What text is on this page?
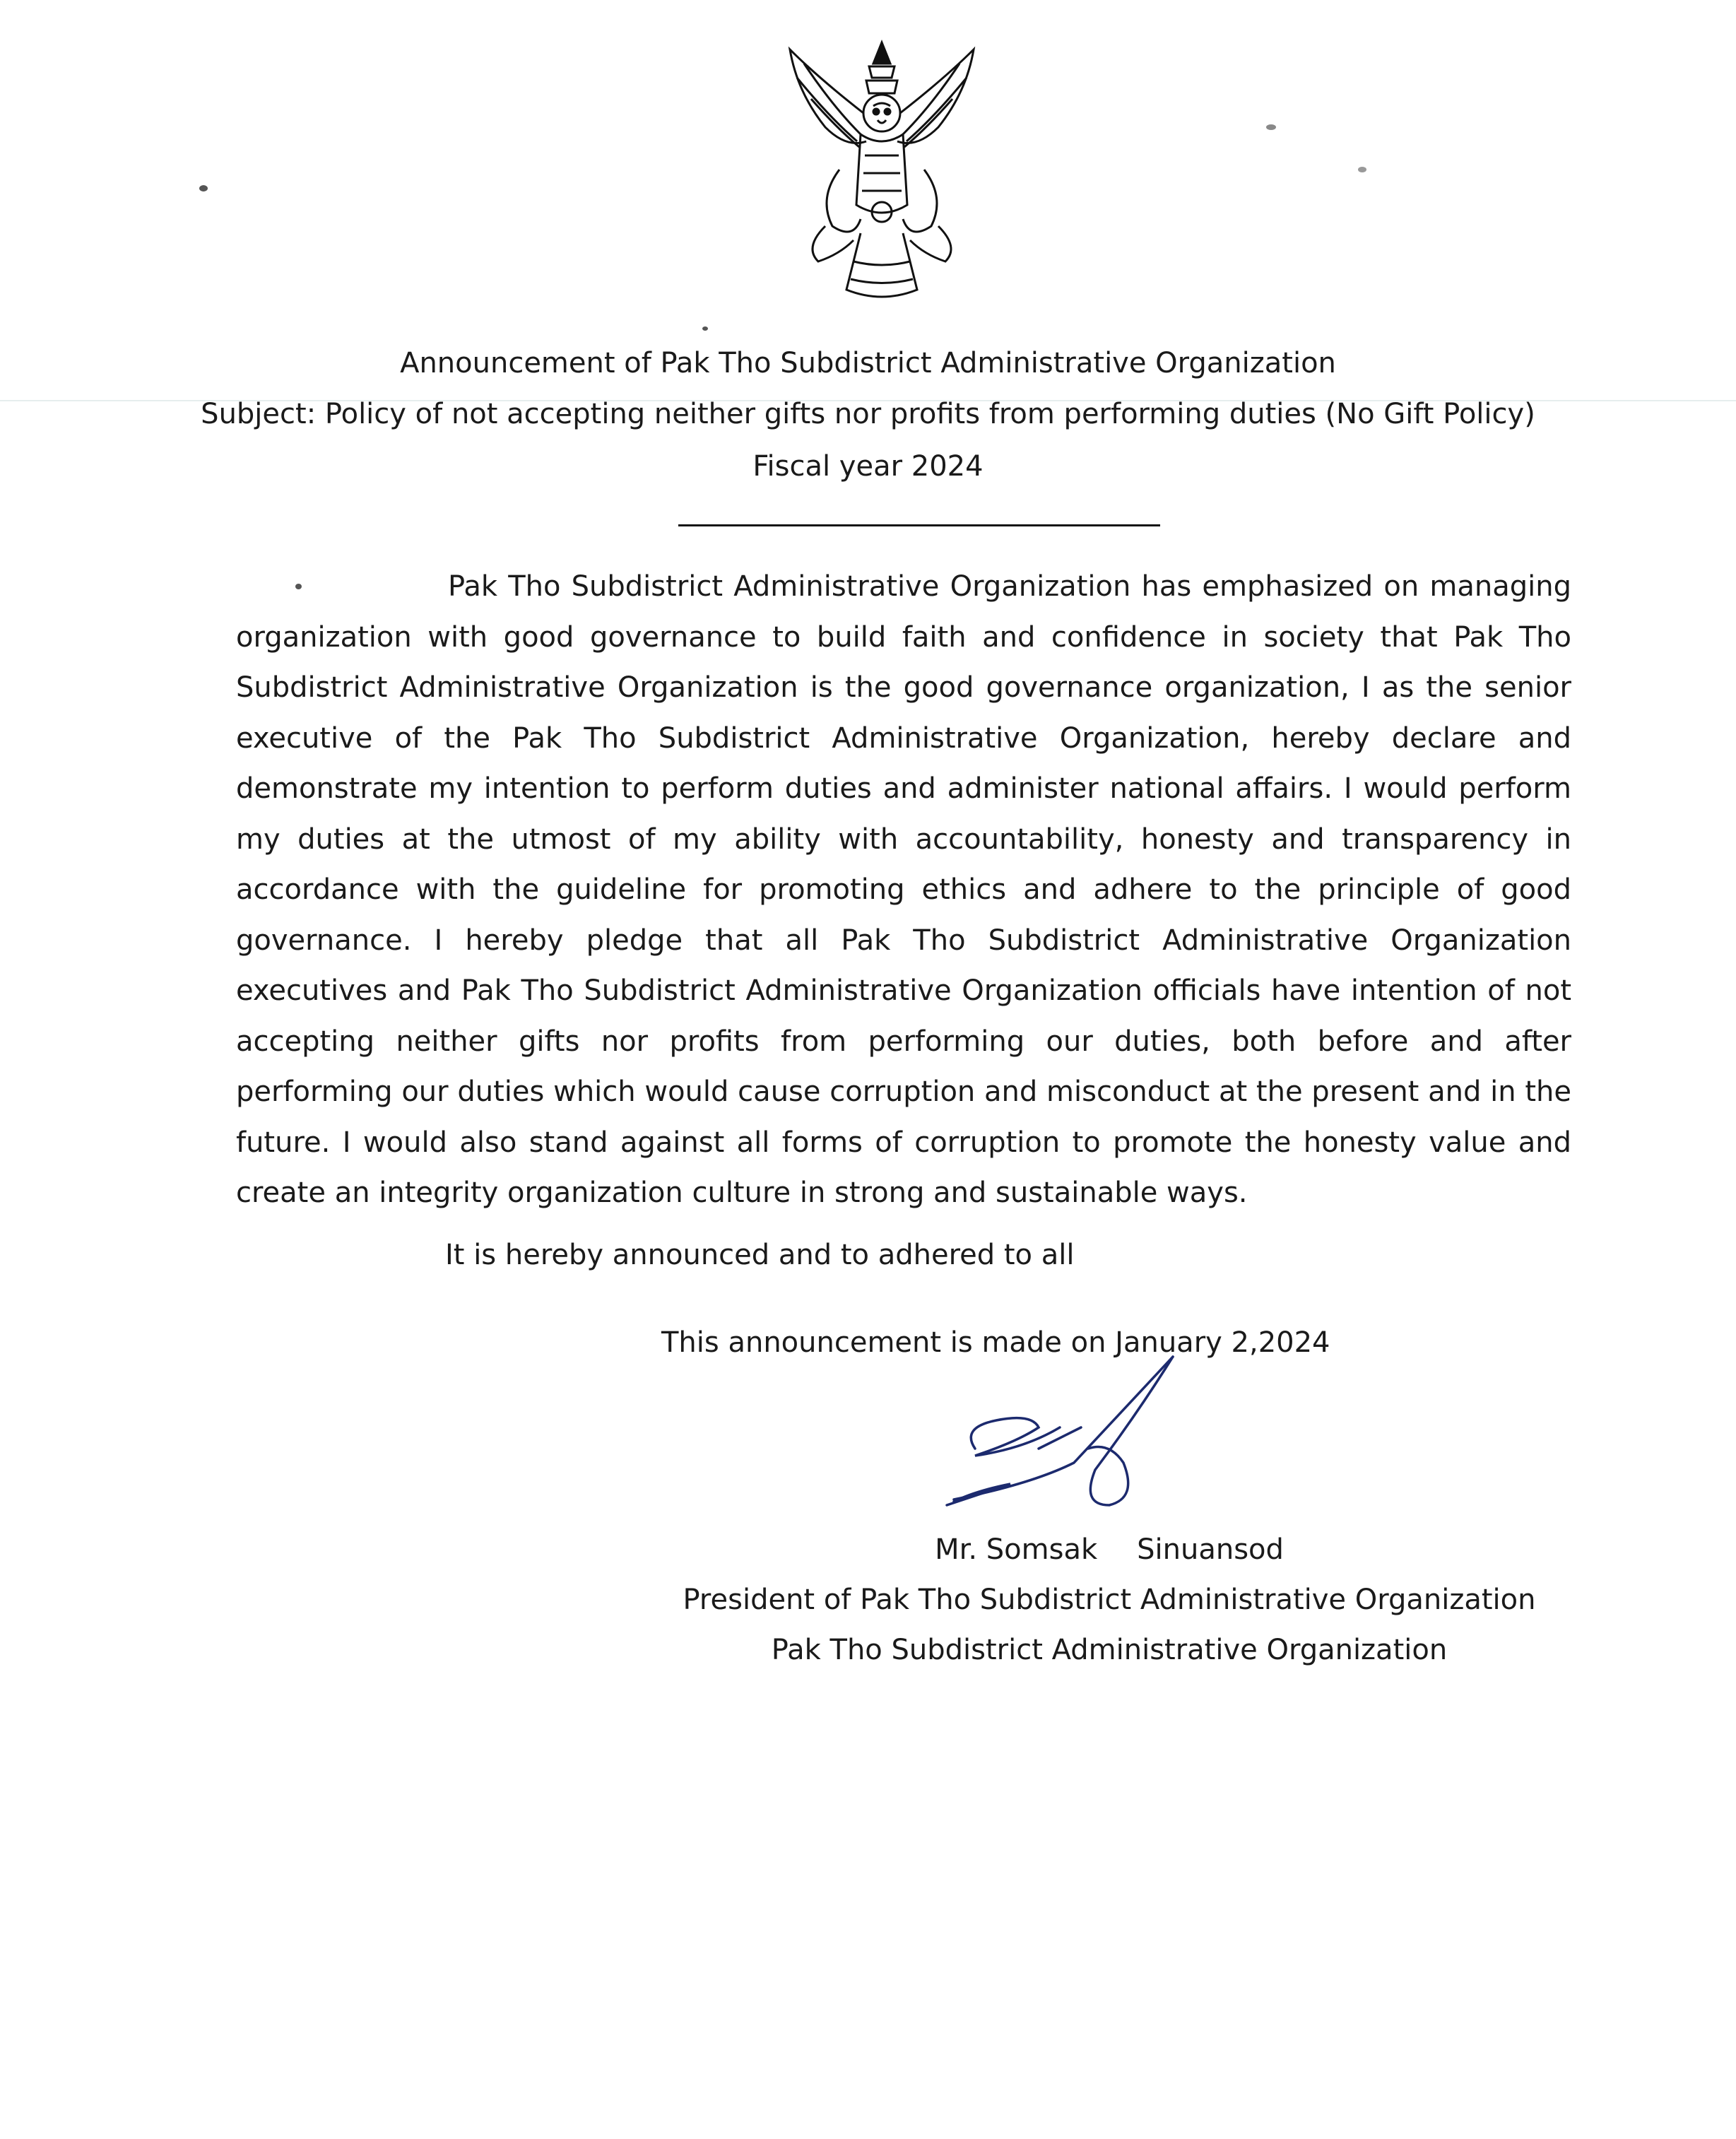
Announcement of Pak Tho Subdistrict Administrative Organization
Subject: Policy of not accepting neither gifts nor profits from performing duties (No Gift Policy)
Fiscal year 2024

Pak Tho Subdistrict Administrative Organization has emphasized on managing organization with good governance to build faith and confidence in society that Pak Tho Subdistrict Administrative Organization is the good governance organization, I as the senior executive of the Pak Tho Subdistrict Administrative Organization, hereby declare and demonstrate my intention to perform duties and administer national affairs. I would perform my duties at the utmost of my ability with accountability, honesty and transparency in accordance with the guideline for promoting ethics and adhere to the principle of good governance. I hereby pledge that all Pak Tho Subdistrict Administrative Organization executives and Pak Tho Subdistrict Administrative Organization officials have intention of not accepting neither gifts nor profits from performing our duties, both before and after performing our duties which would cause corruption and misconduct at the present and in the future. I would also stand against all forms of corruption to promote the honesty value and create an integrity organization culture in strong and sustainable ways.

It is hereby announced and to adhered to all
This announcement is made on January 2,2024
Mr. Somsak Sinuansod
President of Pak Tho Subdistrict Administrative Organization
Pak Tho Subdistrict Administrative Organization
